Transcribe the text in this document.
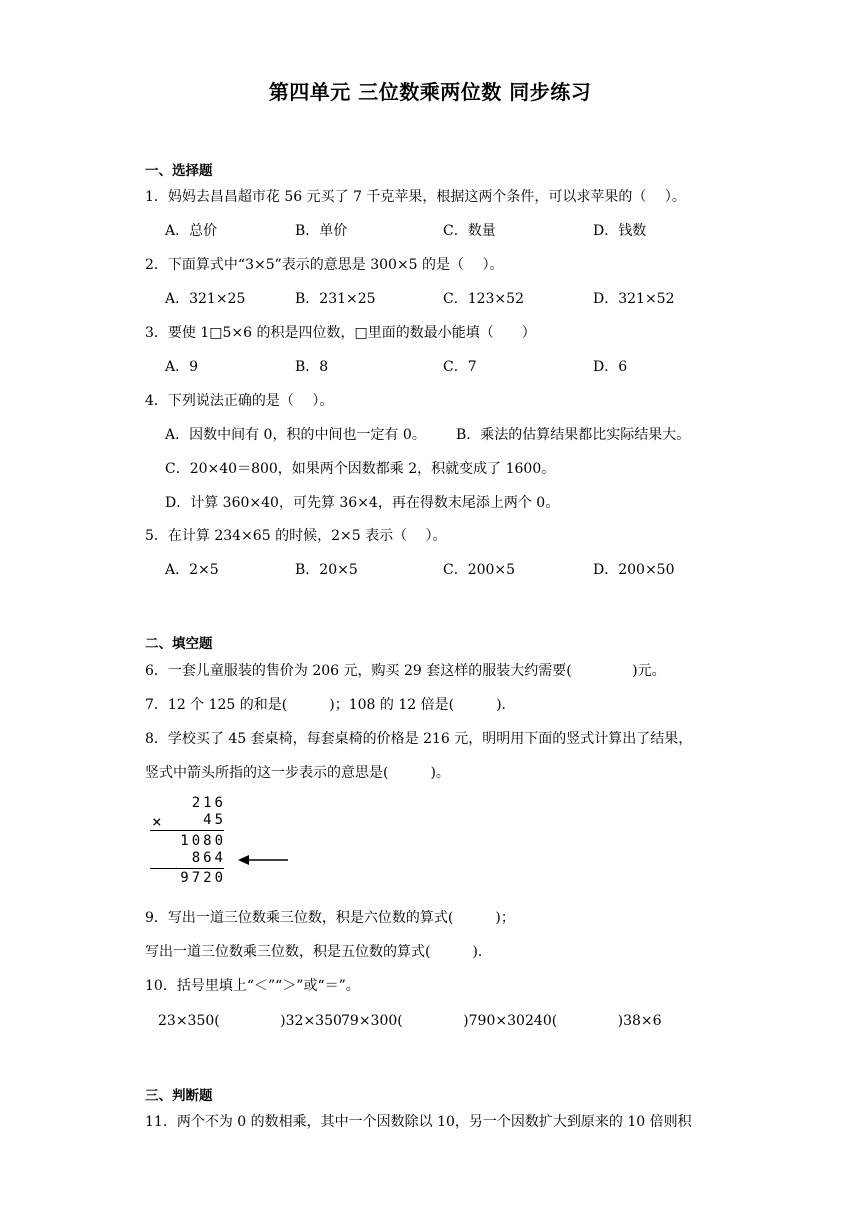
第四单元 三位数乘两位数 同步练习
一、选择题
1．妈妈去昌昌超市花 56 元买了 7 千克苹果，根据这两个条件，可以求苹果的（　 ）。
A．总价	B．单价	C．数量	D．钱数
2．下面算式中“3×5”表示的意思是 300×5 的是（　 ）。
A．321×25	B．231×25	C．123×52	D．321×52
3．要使 1□5×6 的积是四位数，□里面的数最小能填（　　）
A．9	B．8	C．7	D．6
4．下列说法正确的是（　 ）。
A．因数中间有 0，积的中间也一定有 0。 B．乘法的估算结果都比实际结果大。
C．20×40＝800，如果两个因数都乘 2，积就变成了 1600。
D．计算 360×40，可先算 36×4，再在得数末尾添上两个 0。
5．在计算 234×65 的时候，2×5 表示（　 ）。
A．2×5	B．20×5	C．200×5	D．200×50
二、填空题
6．一套儿童服装的售价为 206 元，购买 29 套这样的服装大约需要(　　　　 )元。
7．12 个 125 的和是(　　　)；108 的 12 倍是(　　　)．
8．学校买了 45 套桌椅，每套桌椅的价格是 216 元，明明用下面的竖式计算出了结果，
竖式中箭头所指的这一步表示的意思是(　　　)。
216
×	45
1080
864
9720
9．写出一道三位数乘三位数，积是六位数的算式(　　　)；
写出一道三位数乘三位数，积是五位数的算式(　　　)．
10．括号里填上“＜”“＞”或“＝”。
23×350(　　　　 )32×350 79×300(　　　　 )790×30 240(　　　　 )38×6
三、判断题
11．两个不为 0 的数相乘，其中一个因数除以 10，另一个因数扩大到原来的 10 倍则积
